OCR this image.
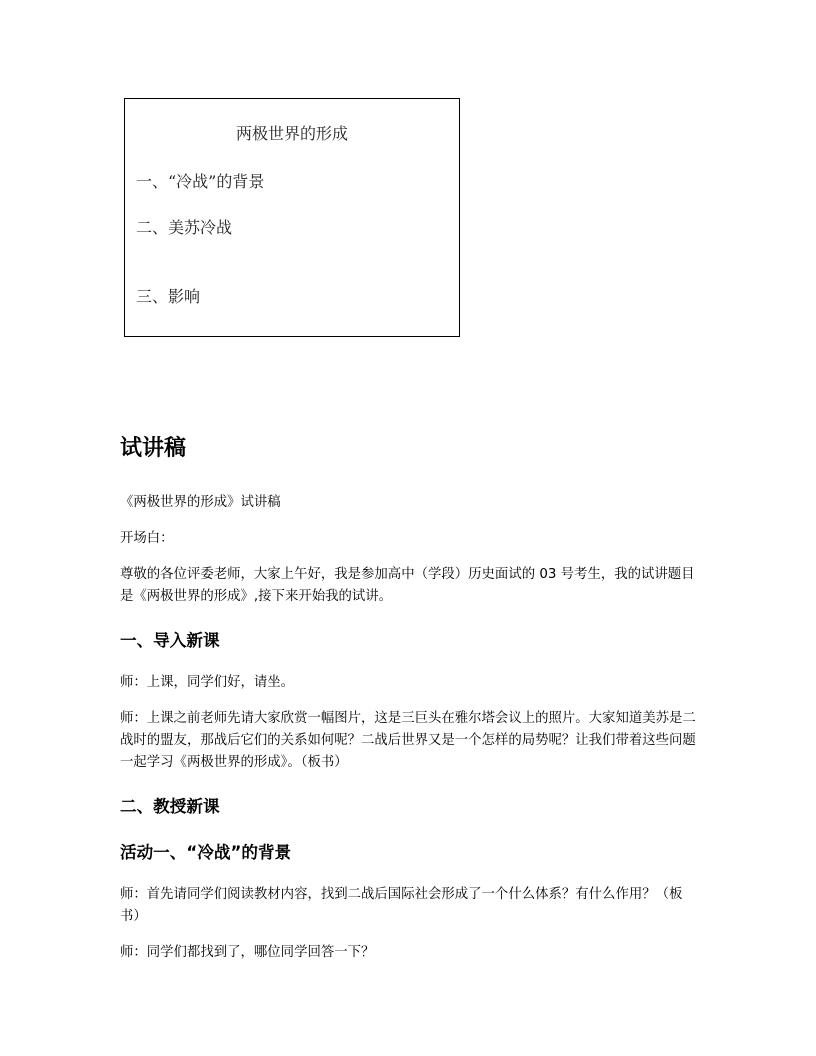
两极世界的形成
一、“冷战”的背景
二、美苏冷战
三、影响
试讲稿

《两极世界的形成》试讲稿

开场白：

尊敬的各位评委老师，大家上午好，我是参加高中（学段）历史面试的 03 号考生，我的试讲题目是《两极世界的形成》,接下来开始我的试讲。

一、导入新课

师：上课，同学们好，请坐。

师：上课之前老师先请大家欣赏一幅图片，这是三巨头在雅尔塔会议上的照片。大家知道美苏是二战时的盟友，那战后它们的关系如何呢？二战后世界又是一个怎样的局势呢？让我们带着这些问题一起学习《两极世界的形成》。（板书）

二、教授新课
活动一、“冷战”的背景

师：首先请同学们阅读教材内容，找到二战后国际社会形成了一个什么体系？有什么作用？（板书）

师：同学们都找到了，哪位同学回答一下？
